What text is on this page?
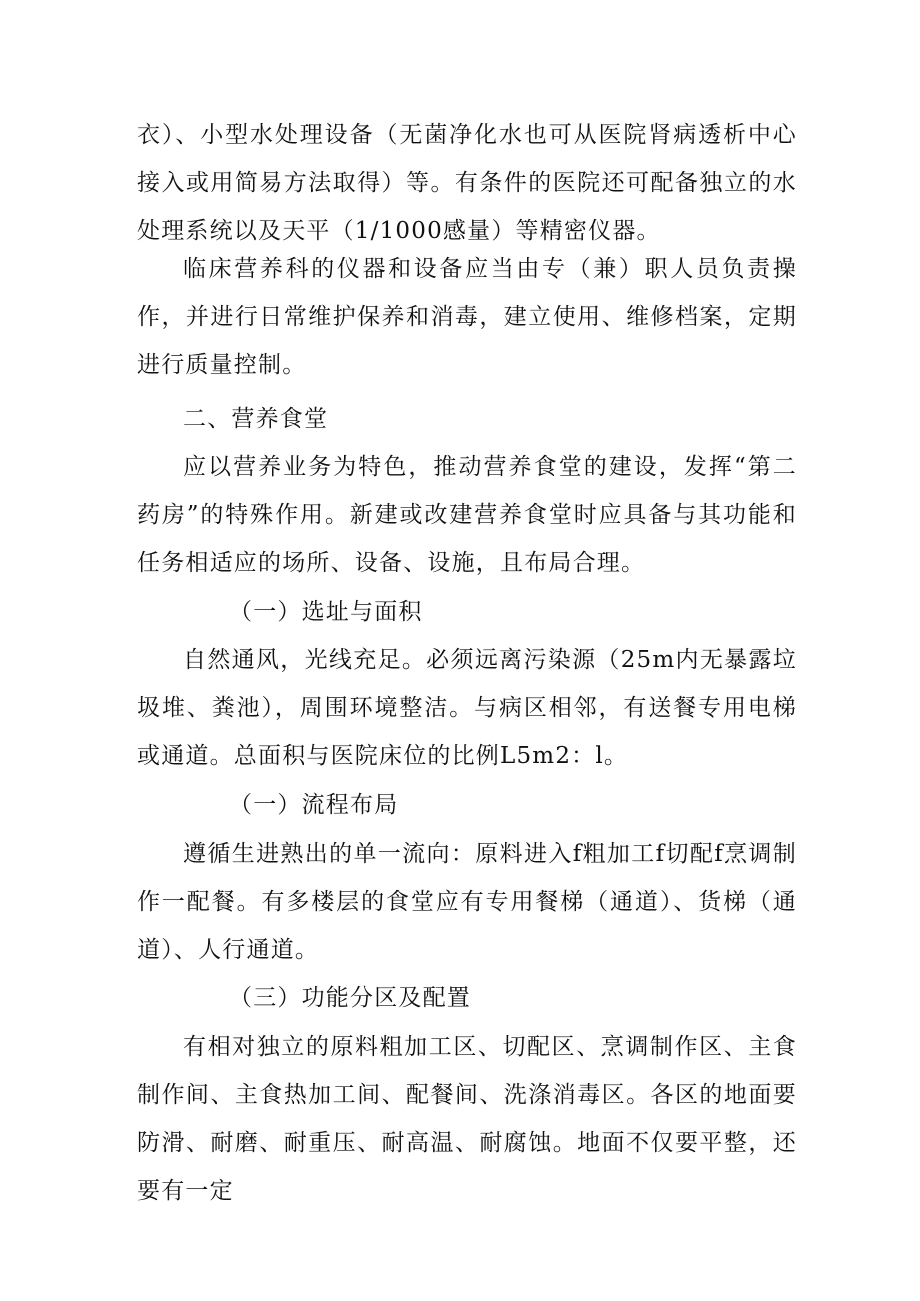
衣）、小型水处理设备（无菌净化水也可从医院肾病透析中心接入或用简易方法取得）等。有条件的医院还可配备独立的水处理系统以及天平（1/1000感量）等精密仪器。

临床营养科的仪器和设备应当由专（兼）职人员负责操作，并进行日常维护保养和消毒，建立使用、维修档案，定期进行质量控制。

二、营养食堂

应以营养业务为特色，推动营养食堂的建设，发挥“第二药房”的特殊作用。新建或改建营养食堂时应具备与其功能和任务相适应的场所、设备、设施，且布局合理。

（一）选址与面积

自然通风，光线充足。必须远离污染源（25m内无暴露垃圾堆、粪池），周围环境整洁。与病区相邻，有送餐专用电梯或通道。总面积与医院床位的比例L5m2：l。

（一）流程布局

遵循生进熟出的单一流向：原料进入f粗加工f切配f烹调制作一配餐。有多楼层的食堂应有专用餐梯（通道）、货梯（通道）、人行通道。

（三）功能分区及配置

有相对独立的原料粗加工区、切配区、烹调制作区、主食制作间、主食热加工间、配餐间、洗涤消毒区。各区的地面要防滑、耐磨、耐重压、耐高温、耐腐蚀。地面不仅要平整，还要有一定
